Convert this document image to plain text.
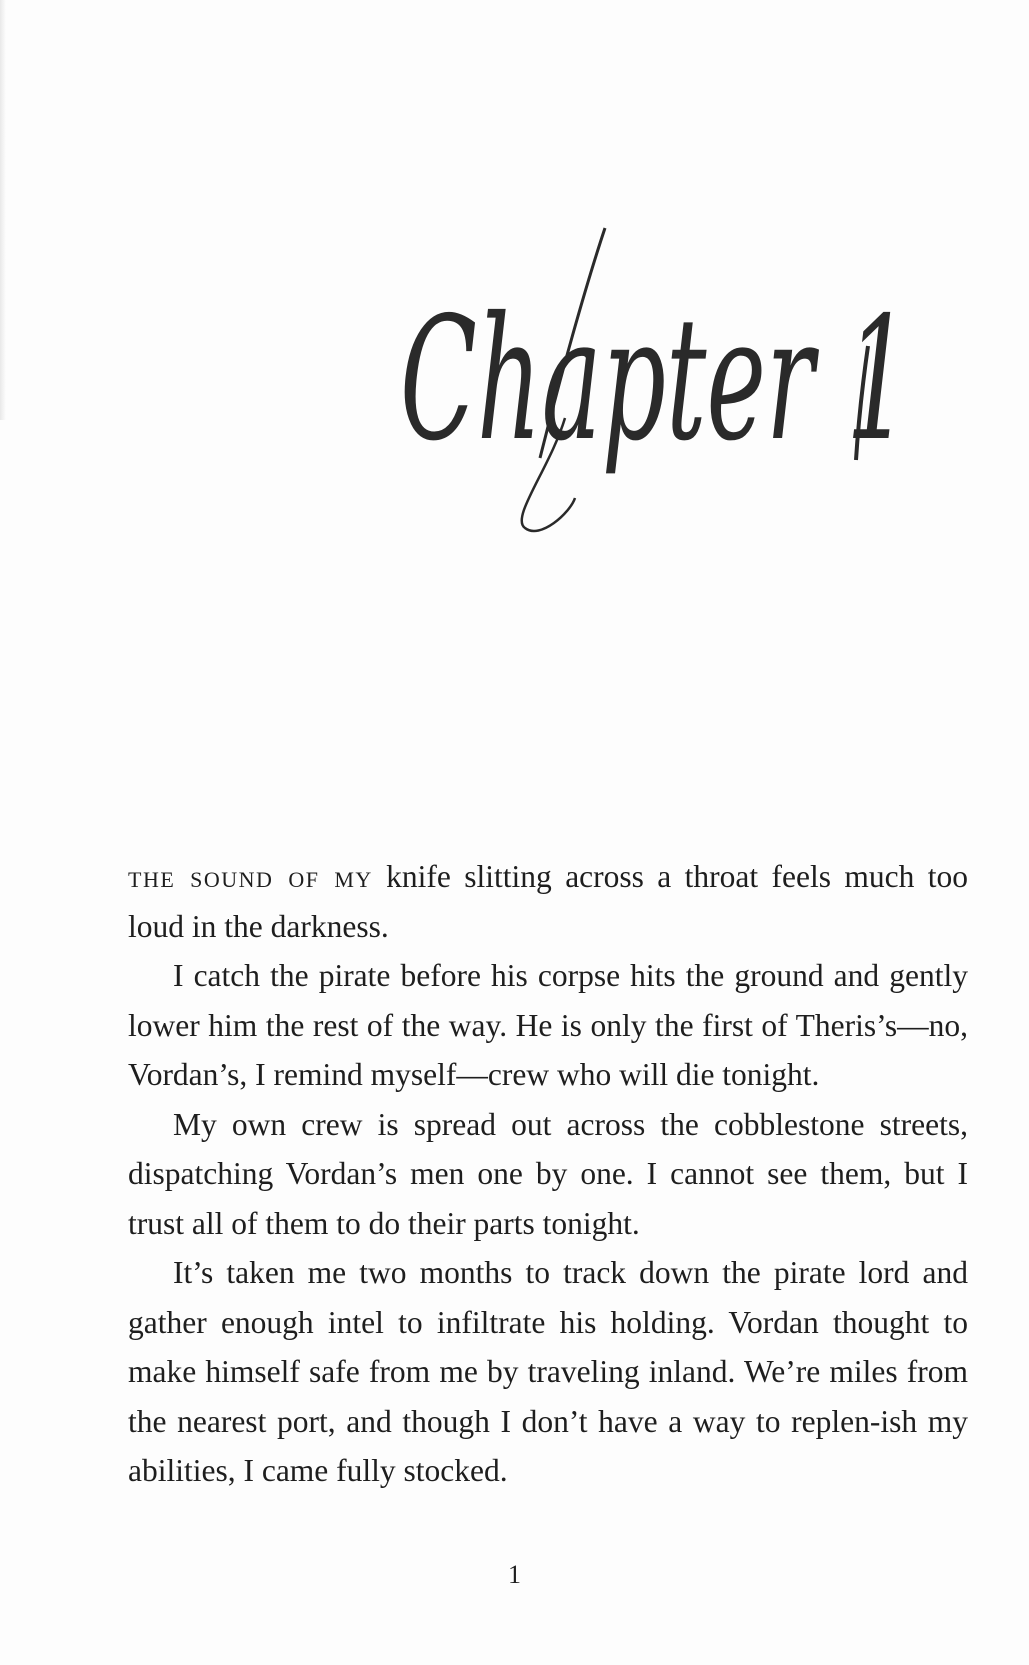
Chapter 1

the sound of my knife slitting across a throat feels much too loud in the darkness.

I catch the pirate before his corpse hits the ground and gently lower him the rest of the way. He is only the first of Theris’s—no, Vordan’s, I remind myself—crew who will die tonight.

My own crew is spread out across the cobblestone streets, dispatching Vordan’s men one by one. I cannot see them, but I trust all of them to do their parts tonight.

It’s taken me two months to track down the pirate lord and gather enough intel to infiltrate his holding. Vordan thought to make himself safe from me by traveling inland. We’re miles from the nearest port, and though I don’t have a way to replen-ish my abilities, I came fully stocked.

1
